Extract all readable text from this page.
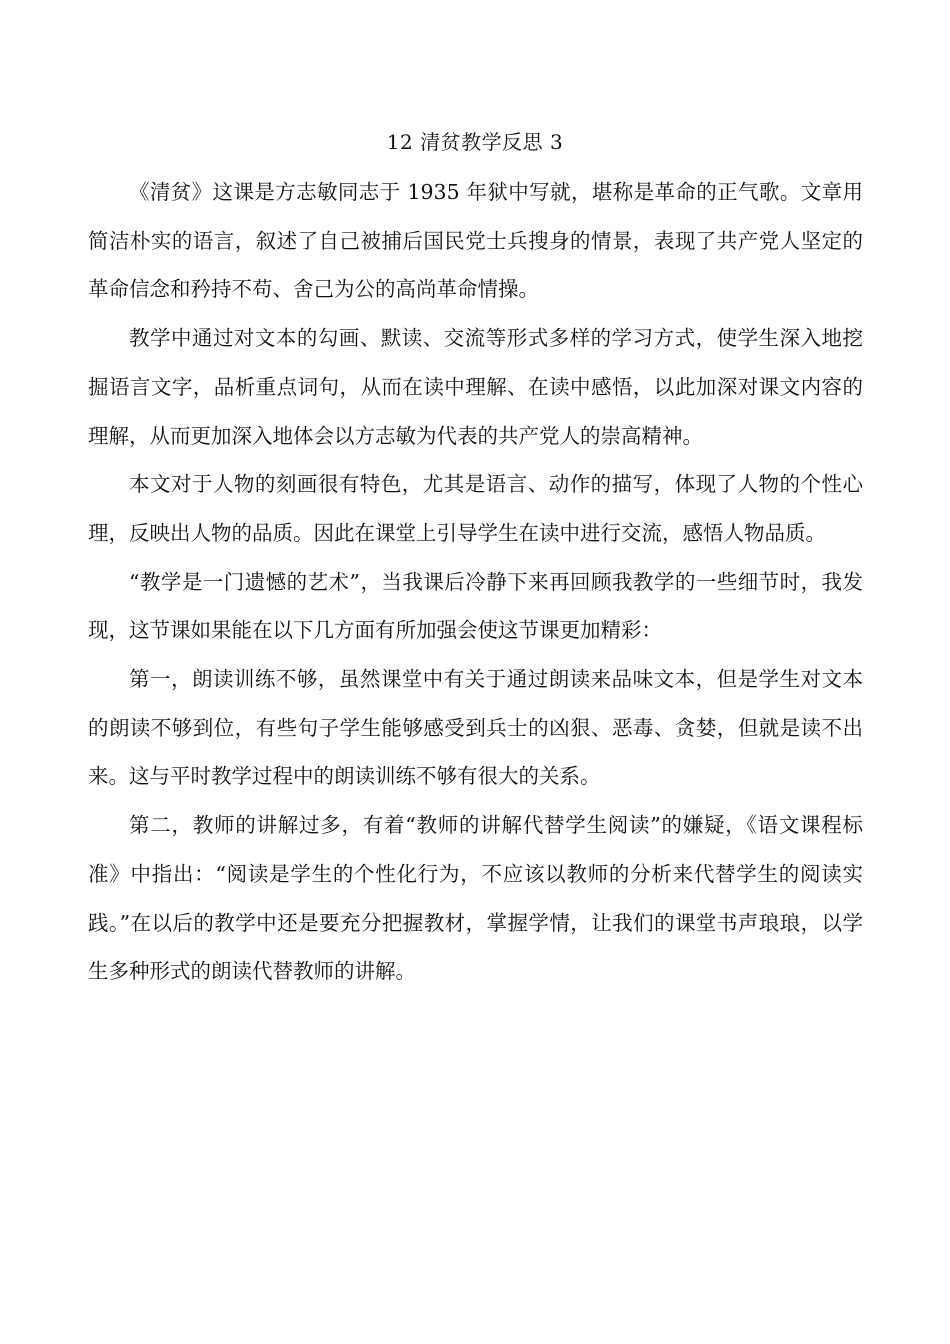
12 清贫教学反思 3

《清贫》这课是方志敏同志于 1935 年狱中写就，堪称是革命的正气歌。文章用简洁朴实的语言，叙述了自己被捕后国民党士兵搜身的情景，表现了共产党人坚定的革命信念和矜持不苟、舍己为公的高尚革命情操。

教学中通过对文本的勾画、默读、交流等形式多样的学习方式，使学生深入地挖掘语言文字，品析重点词句，从而在读中理解、在读中感悟，以此加深对课文内容的理解，从而更加深入地体会以方志敏为代表的共产党人的崇高精神。

本文对于人物的刻画很有特色，尤其是语言、动作的描写，体现了人物的个性心理，反映出人物的品质。因此在课堂上引导学生在读中进行交流，感悟人物品质。

“教学是一门遗憾的艺术”，当我课后冷静下来再回顾我教学的一些细节时，我发现，这节课如果能在以下几方面有所加强会使这节课更加精彩：

第一，朗读训练不够，虽然课堂中有关于通过朗读来品味文本，但是学生对文本的朗读不够到位，有些句子学生能够感受到兵士的凶狠、恶毒、贪婪，但就是读不出来。这与平时教学过程中的朗读训练不够有很大的关系。

第二，教师的讲解过多，有着“教师的讲解代替学生阅读”的嫌疑，《语文课程标准》中指出：“阅读是学生的个性化行为，不应该以教师的分析来代替学生的阅读实践。”在以后的教学中还是要充分把握教材，掌握学情，让我们的课堂书声琅琅，以学生多种形式的朗读代替教师的讲解。
